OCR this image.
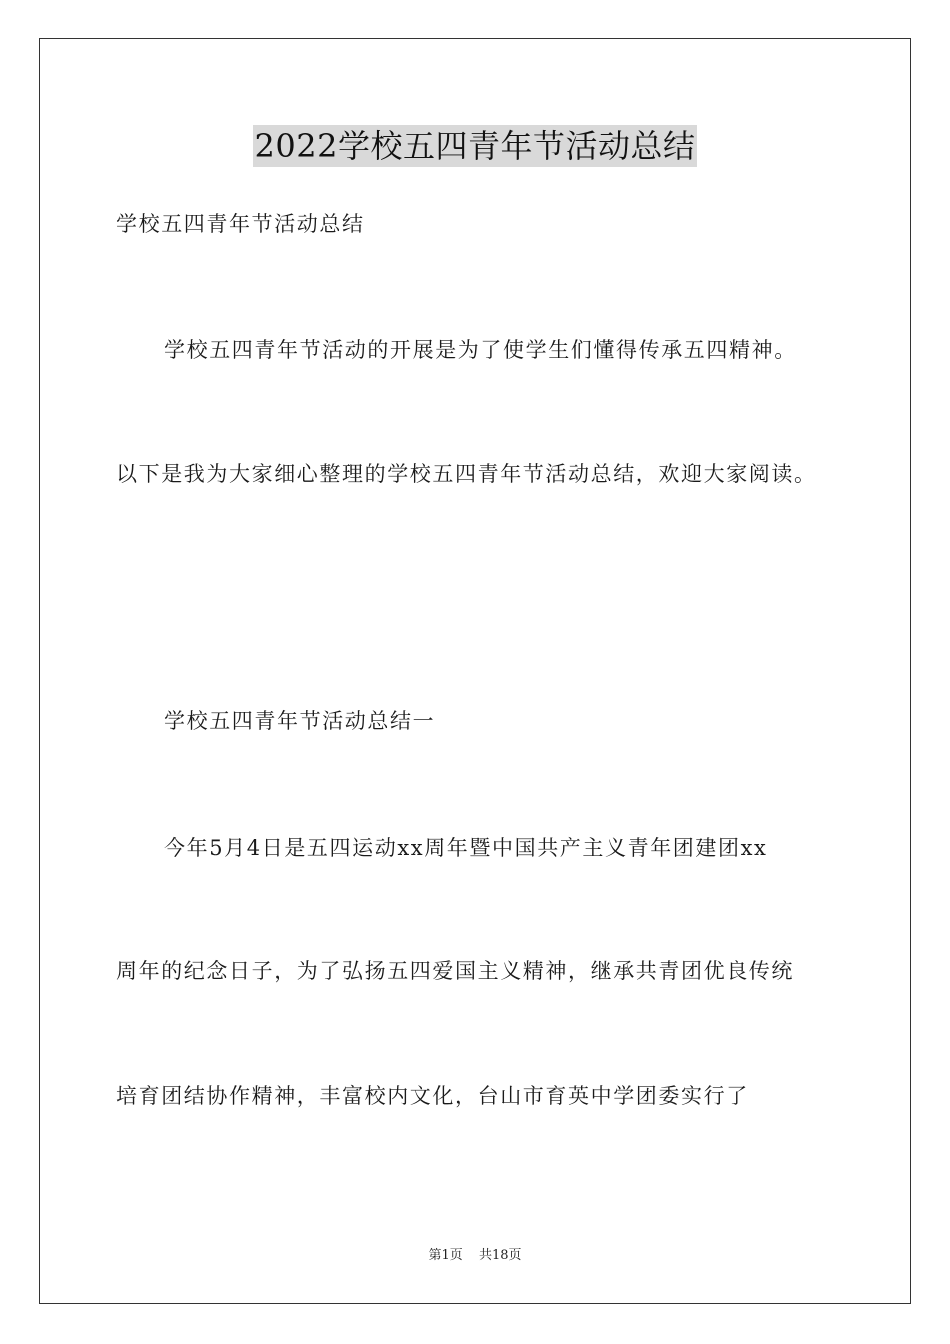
2022学校五四青年节活动总结
学校五四青年节活动总结
学校五四青年节活动的开展是为了使学生们懂得传承五四精神。
以下是我为大家细心整理的学校五四青年节活动总结，欢迎大家阅读。
学校五四青年节活动总结一
今年5月4日是五四运动xx周年暨中国共产主义青年团建团xx
周年的纪念日子，为了弘扬五四爱国主义精神，继承共青团优良传统
培育团结协作精神，丰富校内文化，台山市育英中学团委实行了
第1页 共18页
